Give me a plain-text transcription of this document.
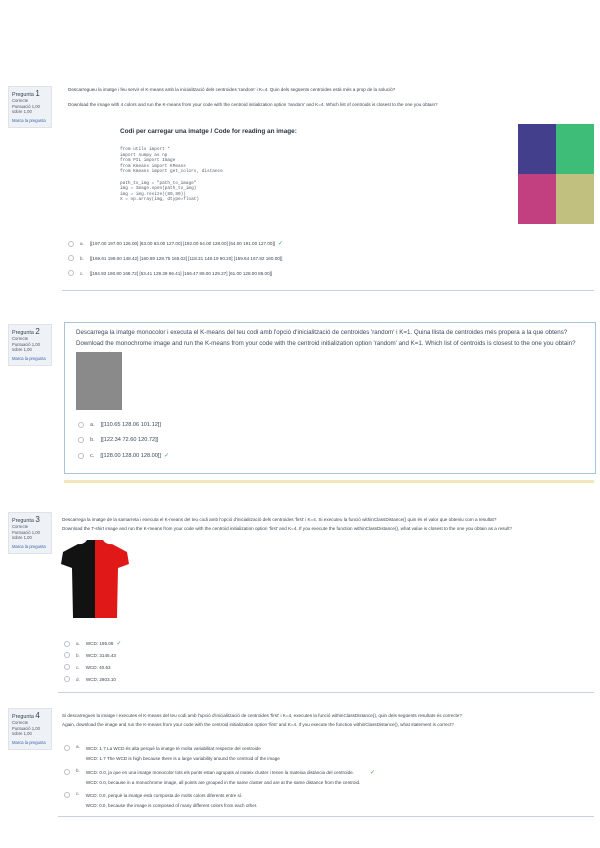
Pregunta 1
Correcte
Puntuació 1,00 sobre 1,00
Marca la pregunta
Descarregueu la imatge i feu servir el K-means amb la inicialització dels centroides 'random' i K=4. Quin dels següents centroides està més a prop de la solució?
Download the image with 4 colors and run the K-means from your code with the centroid initialization option 'random' and K=4. Which list of centroids is closest to the one you obtain?
Codi per carregar una imatge / Code for reading an image:
from utils import *
import numpy as np
from PIL import Image
from Kmeans import KMeans
from Kmeans import get_colors, distance

path_to_img = "path_to_image"
img = Image.open(path_to_img)
img = img.resize((80,80))
X = np.array(img, dtype=float)
a. [[197.00 197.00 126.00] [63.00 63.00 127.00] [192.00 64.00 128.00] [64.00 191.00 127.00]] ✓
b. [[169.61 199.00 148.42] [160.89 128.75 165.02] [118.31 148.19 90.20] [159.64 167.82 160.00]]
c. [[184.93 190.80 168.72] [53.41 129.29 96.41] [166.47 89.00 129.27] [61.00 128.00 86.00]]
Pregunta 2
Correcte
Puntuació 1,00 sobre 1,00
Marca la pregunta
Descarrega la imatge monocolor i executa el K-means del teu codi amb l'opció d'inicialització de centroides 'random' i K=1. Quina llista de centroides més propera a la que obtens?
Download the monochrome image and run the K-means from your code with the centroid initialization option 'random' and K=1. Which list of centroids is closest to the one you obtain?
a. [[110.65 128.06 101.12]]
b. [[122.34 72.60 120.72]]
c. [[128.00 128.00 128.00]] ✓
Pregunta 3
Correcte
Puntuació 1,00 sobre 1,00
Marca la pregunta
Descarrega la imatge de la samarreta i executa el K-means del teu codi amb l'opció d'inicialització dels centroides 'first' i K=4. Si executeu la funció withinClassDistance() quin és el valor que obteniu com a resultat?
Download the T-shirt image and run the K-means from your code with the centroid initialization option 'first' and K=4. If you execute the function withinClassDistance(), what value is closest to the one you obtain as a result?
a. WCD: 195.06 ✓
b. WCD: 3145.43
c. WCD: 40.63
d. WCD: 2803.10
Pregunta 4
Correcte
Puntuació 1,00 sobre 1,00
Marca la pregunta
Si descarregues la imatge i executes el K-means del teu codi amb l'opció d'inicialització de centroides 'first' i K=4, executes la funció withinClassDistance(), quin dels següents resultats és correcte?
Again, download the image and run the K-means from your code with the centroid initialization option 'first' and K=4. If you execute the function withinClassDistance(), what statement is correct?
a. WCD: 1.7 La WCD és alta perquè la imatge té molta variabilitat respecte del centroide
WCD: 1.7 The WCD is high because there is a large variability around the centroid of the image
b. WCD: 0.0, ja que en una imatge monocolor tots els punts estan agrupats al mateix cluster i tenen la mateixa distància del centroide.	✓
WCD: 0.0, because in a monochrome image, all points are grouped in the same cluster and are at the same distance from the centroid.
c. WCD: 0.0, perquè la imatge està composta de molts colors diferents entre sí.
WCD: 0.0, because the image is composed of many different colors from each other.
